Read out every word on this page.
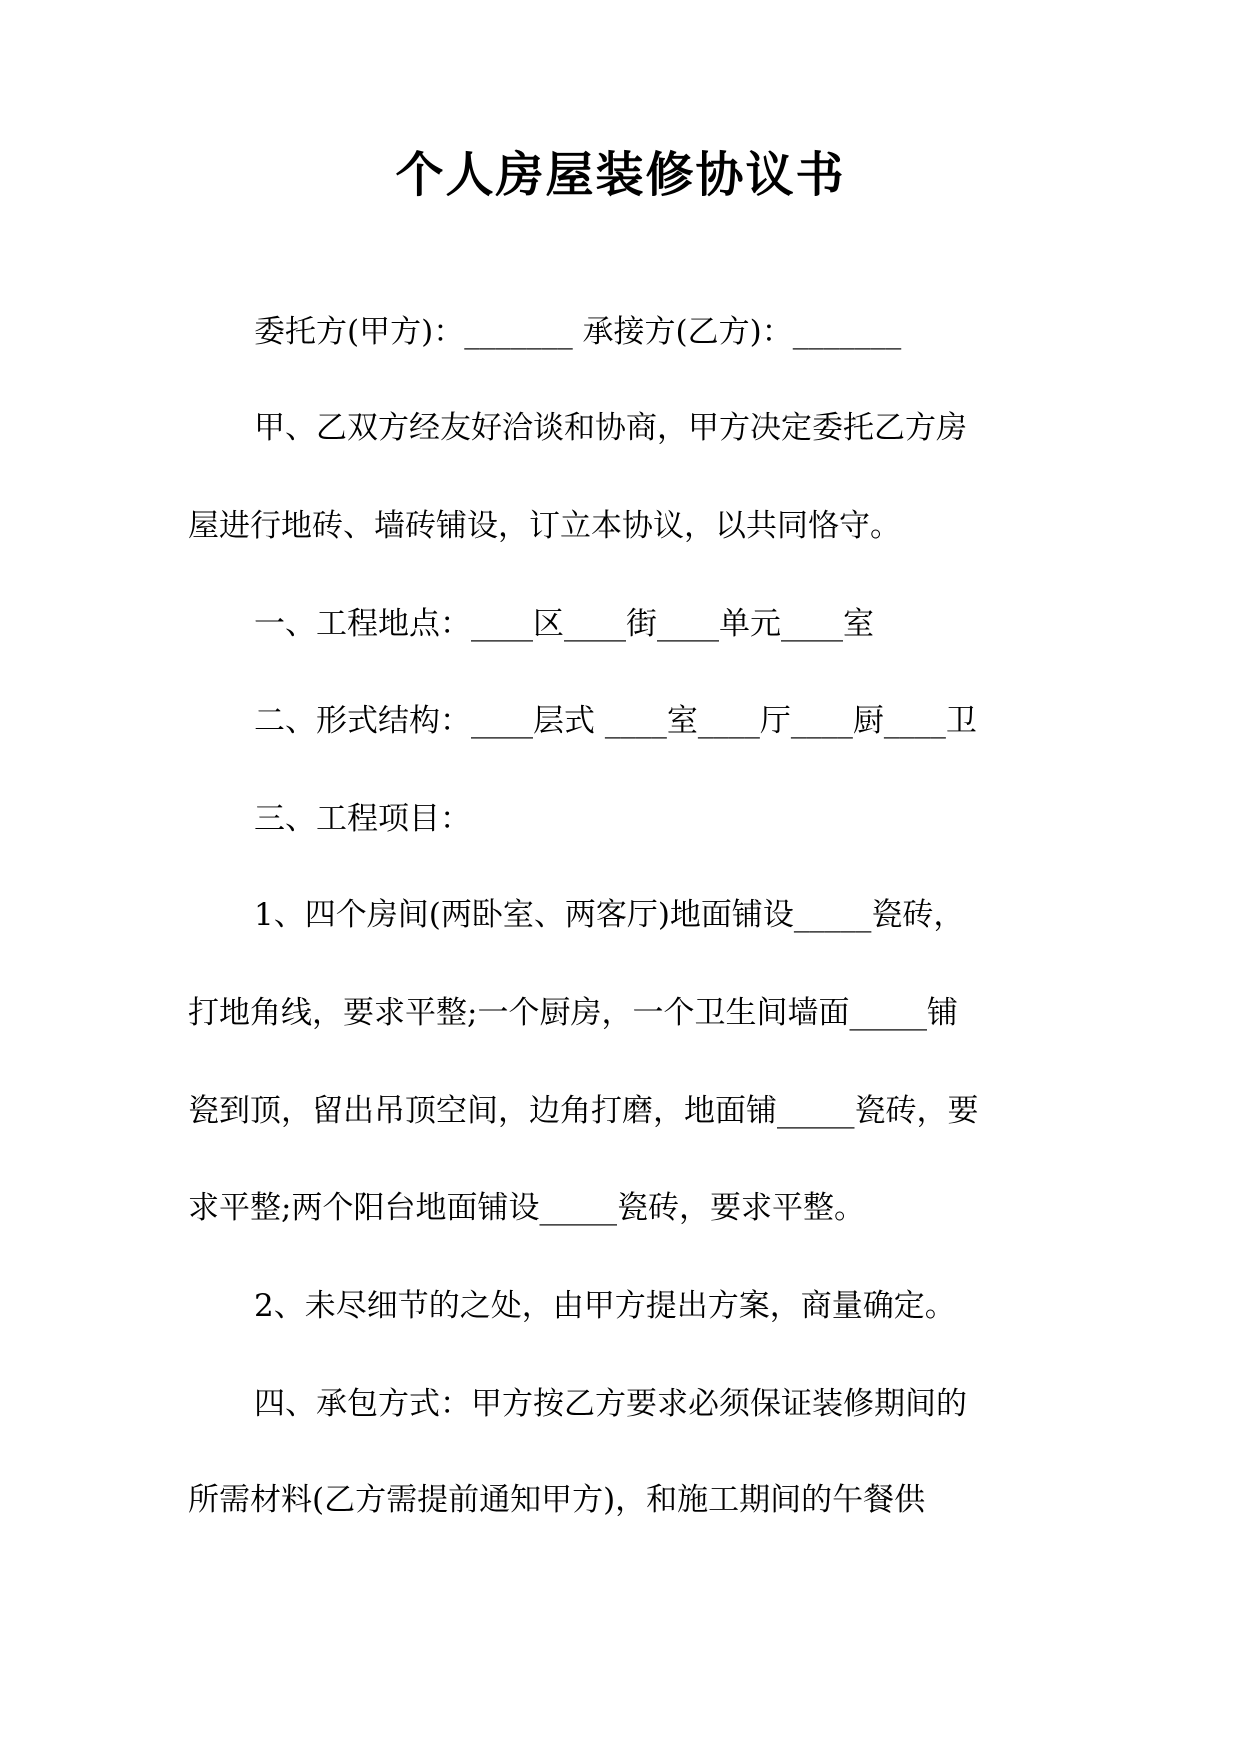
个人房屋装修协议书
委托方(甲方)：_______ 承接方(乙方)：_______
甲、乙双方经友好洽谈和协商，甲方决定委托乙方房
屋进行地砖、墙砖铺设，订立本协议，以共同恪守。
一、工程地点：____区____街____单元____室
二、形式结构：____层式 ____室____厅____厨____卫
三、工程项目：
1、四个房间(两卧室、两客厅)地面铺设_____瓷砖，
打地角线，要求平整;一个厨房，一个卫生间墙面_____铺
瓷到顶，留出吊顶空间，边角打磨，地面铺_____瓷砖，要
求平整;两个阳台地面铺设_____瓷砖，要求平整。
2、未尽细节的之处，由甲方提出方案，商量确定。
四、承包方式：甲方按乙方要求必须保证装修期间的
所需材料(乙方需提前通知甲方)，和施工期间的午餐供
